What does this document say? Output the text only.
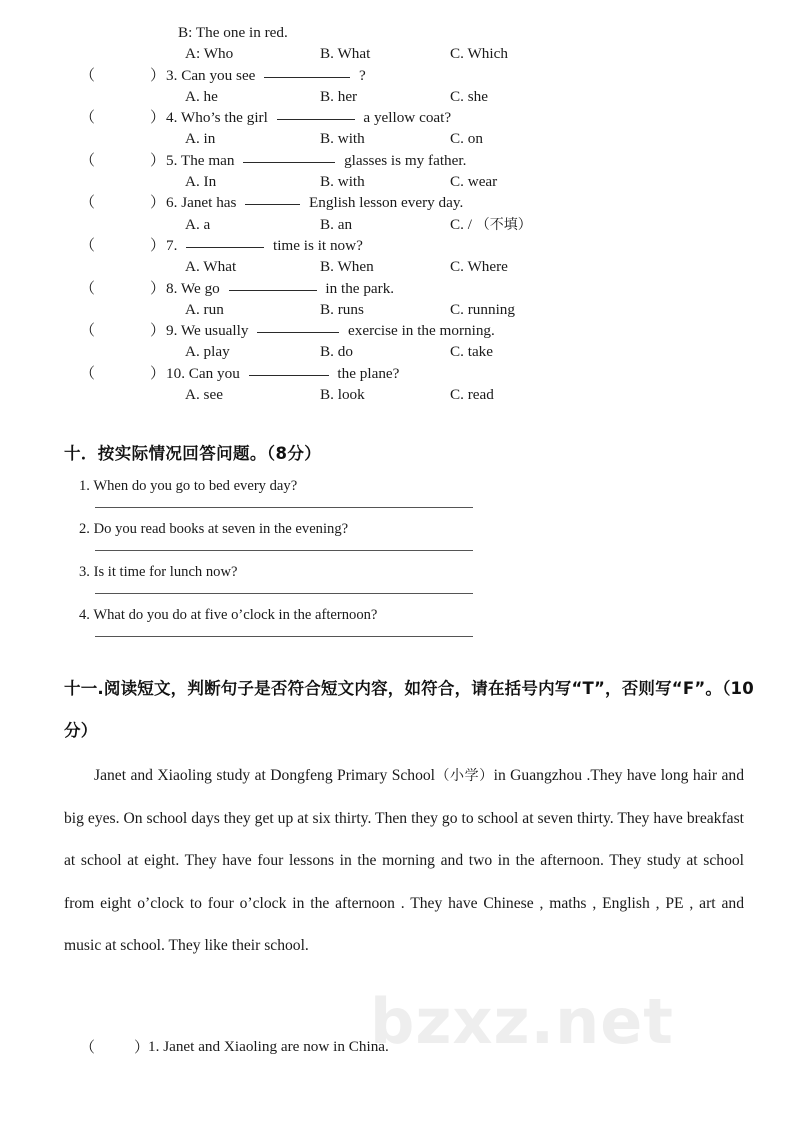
bzxz.net
B: The one in red.
A: Who	B. What	C. Which
（	） 3. Can you see	?
A. he	B. her	C. she
（	） 4. Who’s the girl	a yellow coat?
A. in	B. with	C. on
（	） 5. The man	glasses is my father.
A. In	B. with	C. wear
（	） 6. Janet has	English lesson every day.
A. a	B. an	C. / （不填）
（	） 7.	time is it now?
A. What	B. When	C. Where
（	） 8. We go	in the park.
A. run	B. runs	C. running
（	） 9. We usually	exercise in the morning.
A. play	B. do	C. take
（	） 10. Can you	the plane?
A. see	B. look	C. read
十．按实际情况回答问题。（8分）
1. When do you go to bed every day?
2. Do you read books at seven in the evening?
3. Is it time for lunch now?
4. What do you do at five o’clock in the afternoon?
十一.阅读短文，判断句子是否符合短文内容，如符合，请在括号内写“T”，否则写“F”。（10分）
Janet and Xiaoling study at Dongfeng Primary School（小学）in Guangzhou .They have long hair and big eyes. On school days they get up at six thirty. Then they go to school at seven thirty. They have breakfast at school at eight. They have four lessons in the morning and two in the afternoon. They study at school from eight o’clock to four o’clock in the afternoon . They have Chinese , maths , English , PE , art and music at school. They like their school.
（	）
1. Janet and Xiaoling are now in China.
